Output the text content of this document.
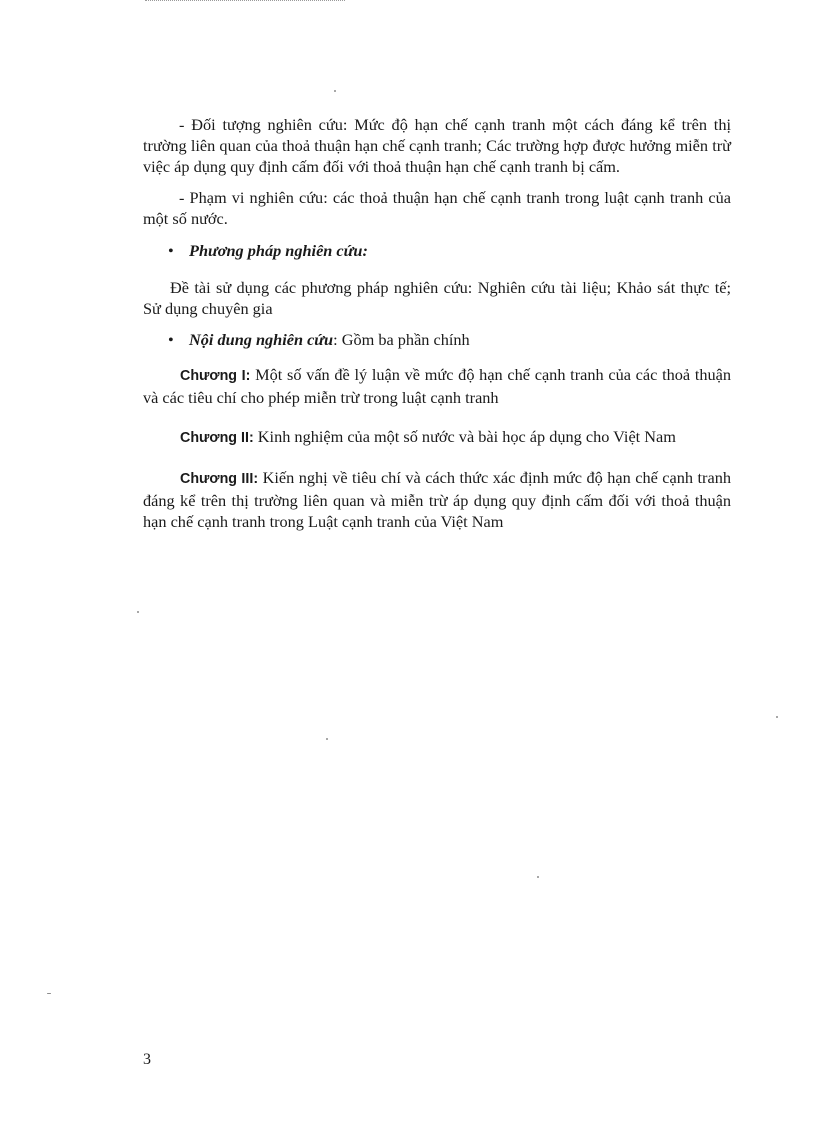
- Đối tượng nghiên cứu: Mức độ hạn chế cạnh tranh một cách đáng kể trên thị trường liên quan của thoả thuận hạn chế cạnh tranh; Các trường hợp được hưởng miễn trừ việc áp dụng quy định cấm đối với thoả thuận hạn chế cạnh tranh bị cấm.

- Phạm vi nghiên cứu: các thoả thuận hạn chế cạnh tranh trong luật cạnh tranh của một số nước.

• Phương pháp nghiên cứu:

Đề tài sử dụng các phương pháp nghiên cứu: Nghiên cứu tài liệu; Khảo sát thực tế; Sử dụng chuyên gia

• Nội dung nghiên cứu: Gồm ba phần chính

Chương I: Một số vấn đề lý luận về mức độ hạn chế cạnh tranh của các thoả thuận và các tiêu chí cho phép miễn trừ trong luật cạnh tranh

Chương II: Kinh nghiệm của một số nước và bài học áp dụng cho Việt Nam

Chương III: Kiến nghị về tiêu chí và cách thức xác định mức độ hạn chế cạnh tranh đáng kể trên thị trường liên quan và miễn trừ áp dụng quy định cấm đối với thoả thuận hạn chế cạnh tranh trong Luật cạnh tranh của Việt Nam

3
